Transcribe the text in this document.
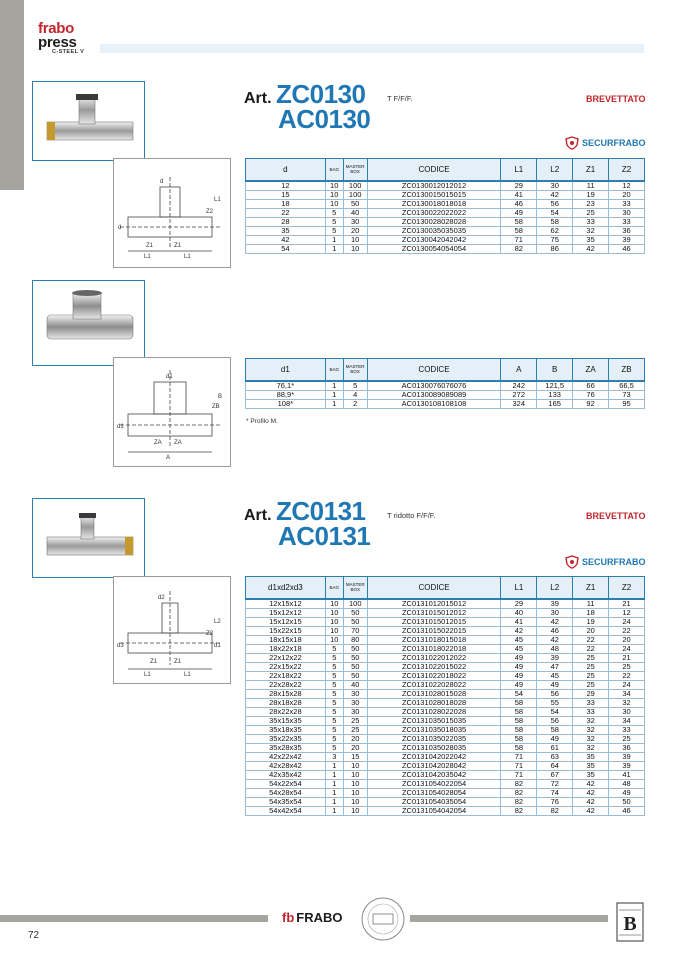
frabo
press
C-STEEL V
d
d
Z1	Z1
L1	L1
L1
Z2
Art. ZC0130
AC0130
T F/F/F.	BREVETTATO
SECURFRABO
d	BAG	MASTER BOX	CODICE	L1	L2	Z1	Z2
12	10	100	ZC0130012012012	29	30	11	12
15	10	100	ZC0130015015015	41	42	19	20
18	10	50	ZC0130018018018	46	56	23	33
22	5	40	ZC0130022022022	49	54	25	30
28	5	30	ZC0130028028028	58	58	33	33
35	5	20	ZC0130035035035	58	62	32	36
42	1	10	ZC0130042042042	71	75	35	39
54	1	10	ZC0130054054054	82	86	42	46
d1
d1
ZA ZA
A
ZB
B
d1	BAG	MASTER BOX	CODICE	A	B	ZA	ZB
76,1*	1	5	AC0130076076076	242	121,5	66	66,5
88,9*	1	4	AC0130089089089	272	133	76	73
108*	1	2	AC0130108108108	324	165	92	95
* Profilo M.
d2
d3	d1
Z1	Z1
L1	L1
L2
Z2
Art. ZC0131
AC0131
T ridotto F/F/F.	BREVETTATO
SECURFRABO
d1xd2xd3	BAG	MASTER BOX	CODICE	L1	L2	Z1	Z2
12x15x12	10	100	ZC0131012015012	29	39	11	21
15x12x12	10	50	ZC0131015012012	40	30	18	12
15x12x15	10	50	ZC0131015012015	41	42	19	24
15x22x15	10	70	ZC0131015022015	42	46	20	22
18x15x18	10	80	ZC0131018015018	45	42	22	20
18x22x18	5	50	ZC0131018022018	45	48	22	24
22x12x22	5	50	ZC0131022012022	49	39	25	21
22x15x22	5	50	ZC0131022015022	49	47	25	25
22x18x22	5	50	ZC0131022018022	49	45	25	22
22x28x22	5	40	ZC0131022028022	49	49	25	24
28x15x28	5	30	ZC0131028015028	54	56	29	34
28x18x28	5	30	ZC0131028018028	58	55	33	32
28x22x28	5	30	ZC0131028022028	58	54	33	30
35x15x35	5	25	ZC0131035015035	58	56	32	34
35x18x35	5	25	ZC0131035018035	58	58	32	33
35x22x35	5	20	ZC0131035022035	58	49	32	25
35x28x35	5	20	ZC0131035028035	58	61	32	36
42x22x42	3	15	ZC0131042022042	71	63	35	39
42x28x42	1	10	ZC0131042028042	71	64	35	39
42x35x42	1	10	ZC0131042035042	71	67	35	41
54x22x54	1	10	ZC0131054022054	82	72	42	48
54x28x54	1	10	ZC0131054028054	82	74	42	49
54x35x54	1	10	ZC0131054035054	82	76	42	50
54x42x54	1	10	ZC0131054042054	82	82	42	46
fb FRABO	B
72
